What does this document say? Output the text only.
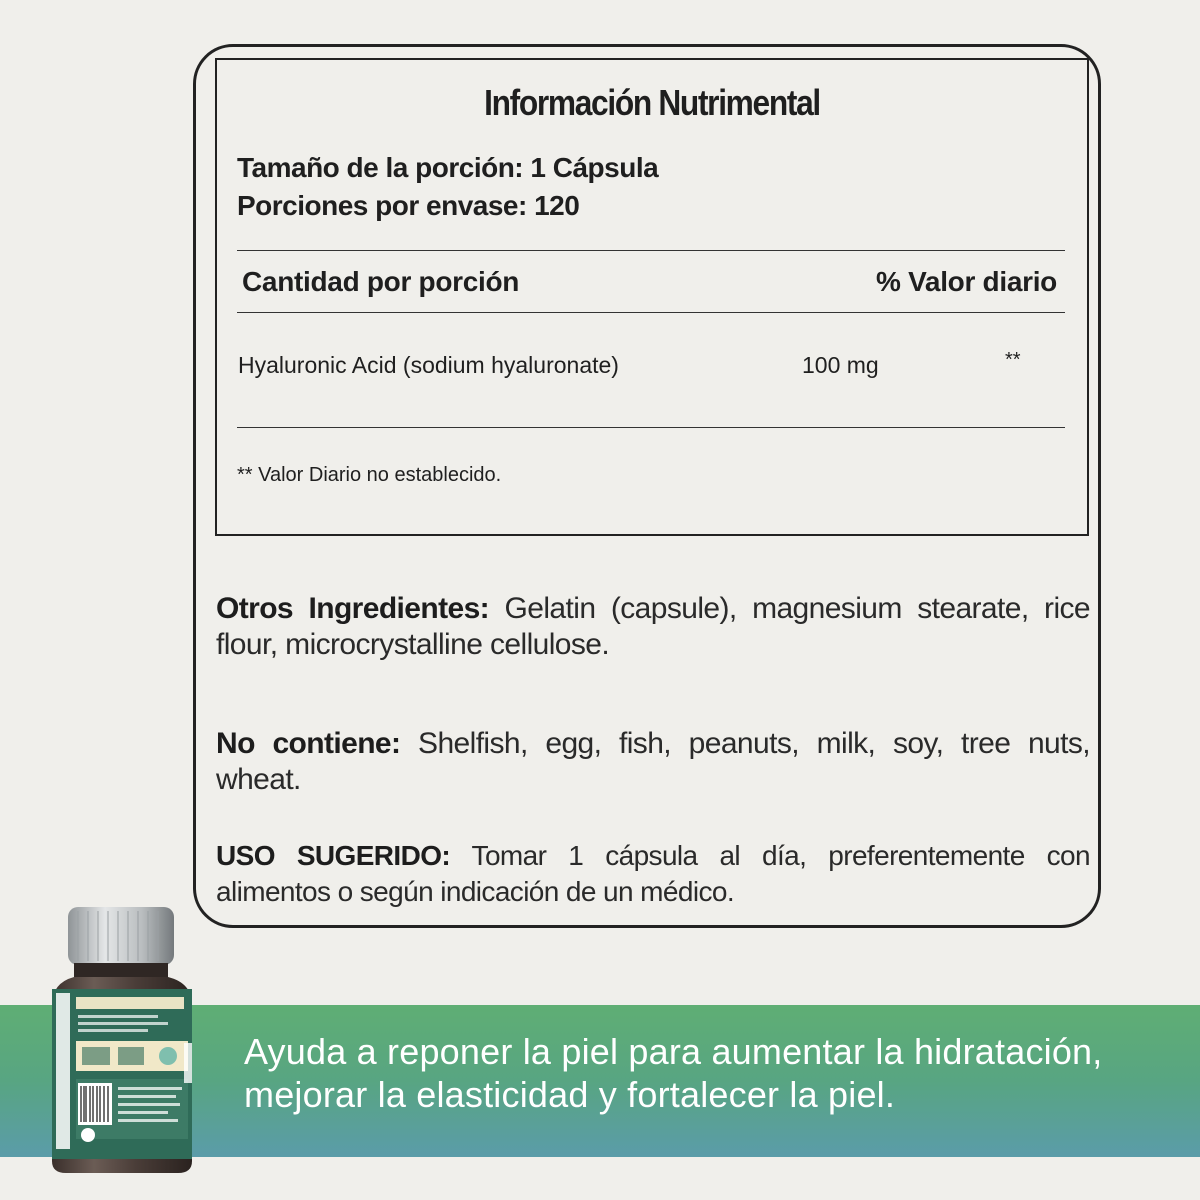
Información Nutrimental
Tamaño de la porción: 1 Cápsula
Porciones por envase: 120
Cantidad por porción	% Valor diario
Hyaluronic Acid (sodium hyaluronate)	100 mg	**
** Valor Diario no establecido.
Otros Ingredientes: Gelatin (capsule), magnesium stearate, rice flour, microcrystalline cellulose.
No contiene: Shelfish, egg, fish, peanuts, milk, soy, tree nuts, wheat.
USO SUGERIDO: Tomar 1 cápsula al día, preferentemente con alimentos o según indicación de un médico.
Ayuda a reponer la piel para aumentar la hidratación, mejorar la elasticidad y fortalecer la piel.
